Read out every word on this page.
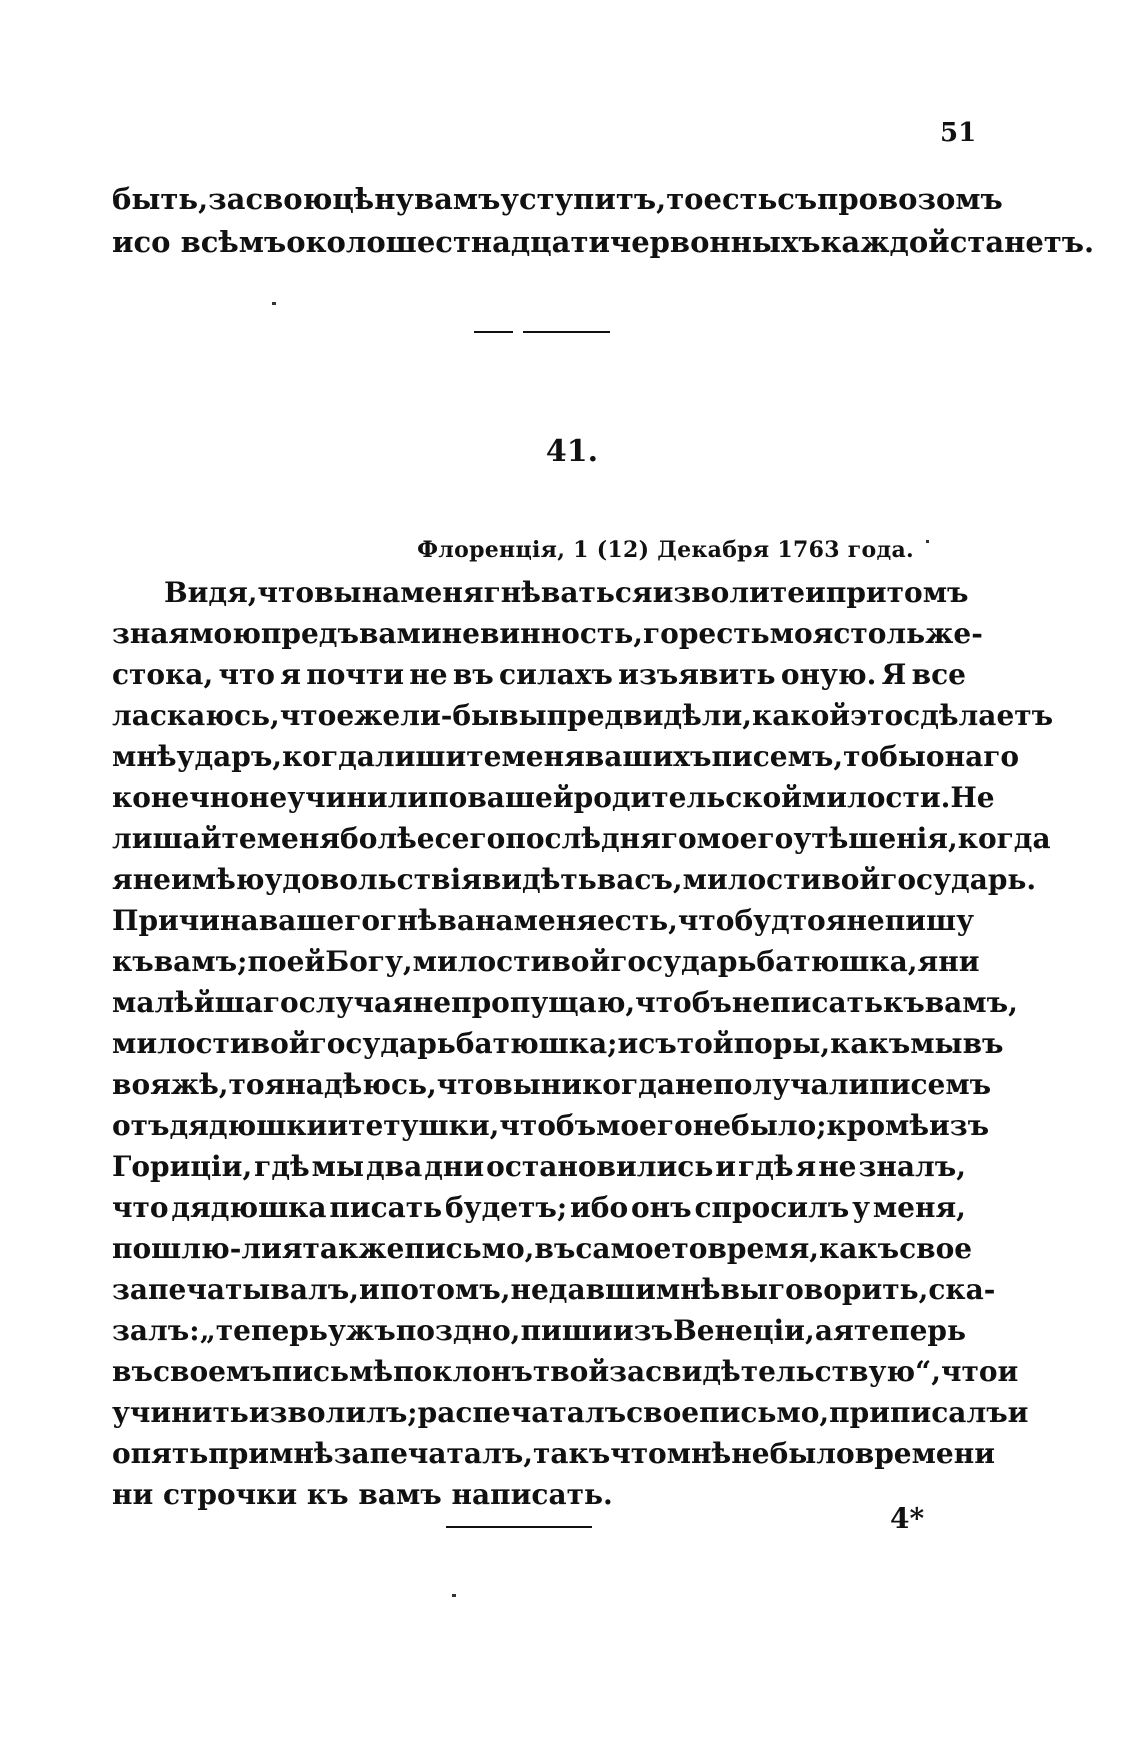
51
быть, за свою цѣну вамъ уступитъ, то есть съ провозомъ
и со всѣмъ около шестнадцати червонныхъ каждой станетъ.
41.
Флоренція, 1 (12) Декабря 1763 года.
Видя, что вы на меня гнѣваться изволите и при томъ
зная мою предъ вами невинность, горесть моя столь же-
стока, что я почти не въ силахъ изъявить оную. Я все
ласкаюсь, что ежели-бы вы предвидѣли, какой это сдѣлаетъ
мнѣ ударъ, когда лишите меня вашихъ писемъ, то бы онаго
конечно не учинили по вашей родительской милости. Не
лишайте меня болѣе сего послѣдняго моего утѣшенія, когда
я не имѣю удовольствія видѣть васъ, милостивой государь.
Причина вашего гнѣва на меня есть, что будто я не пишу
къ вамъ; по ей Богу, милостивой государь батюшка, я ни
малѣйшаго случая не пропущаю, чтобъ не писать къ вамъ,
милостивой государь батюшка; и съ той поры, какъ мы въ
вояжѣ, то я надѣюсь, что вы никогда не получали писемъ
отъ дядюшки и тетушки, чтобъ моего не было; кромѣ изъ
Гориціи, гдѣ мы два дни остановились и гдѣ я не зналъ,
что дядюшка писать будетъ; ибо онъ спросилъ у меня,
пошлю-ли я также письмо, въ самое то время, какъ свое
запечатывалъ, и потомъ, не давши мнѣ выговорить, ска-
залъ: „теперь ужъ поздно, пиши изъ Венеціи, а я теперь
въ своемъ письмѣ поклонъ твой засвидѣтельствую“, что и
учинить изволилъ; распечаталъ свое письмо, приписалъ и
опять при мнѣ запечаталъ, такъ что мнѣ не было времени
ни
строчки
къ
вамъ
написать.
4*
